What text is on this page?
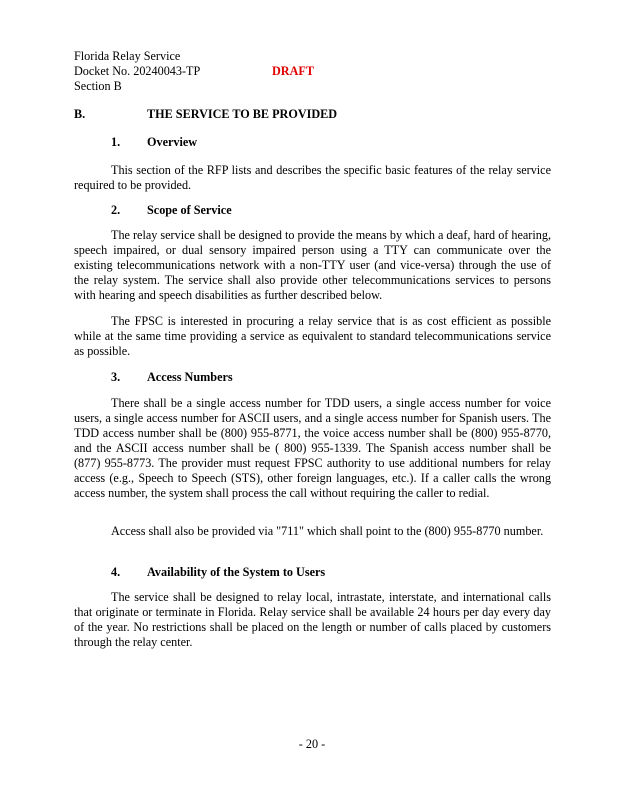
Florida Relay Service
Docket No. 20240043-TP	DRAFT
Section B
B.	THE SERVICE TO BE PROVIDED
1. Overview
This section of the RFP lists and describes the specific basic features of the relay service required to be provided.
2. Scope of Service
The relay service shall be designed to provide the means by which a deaf, hard of hearing, speech impaired, or dual sensory impaired person using a TTY can communicate over the existing telecommunications network with a non-TTY user (and vice-versa) through the use of the relay system. The service shall also provide other telecommunications services to persons with hearing and speech disabilities as further described below.
The FPSC is interested in procuring a relay service that is as cost efficient as possible while at the same time providing a service as equivalent to standard telecommunications service as possible.
3. Access Numbers
There shall be a single access number for TDD users, a single access number for voice users, a single access number for ASCII users, and a single access number for Spanish users. The TDD access number shall be (800) 955-8771, the voice access number shall be (800) 955-8770, and the ASCII access number shall be ( 800) 955-1339. The Spanish access number shall be (877) 955-8773. The provider must request FPSC authority to use additional numbers for relay access (e.g., Speech to Speech (STS), other foreign languages, etc.). If a caller calls the wrong access number, the system shall process the call without requiring the caller to redial.
Access shall also be provided via "711" which shall point to the (800) 955-8770 number.
4. Availability of the System to Users
The service shall be designed to relay local, intrastate, interstate, and international calls that originate or terminate in Florida. Relay service shall be available 24 hours per day every day of the year. No restrictions shall be placed on the length or number of calls placed by customers through the relay center.
- 20 -
